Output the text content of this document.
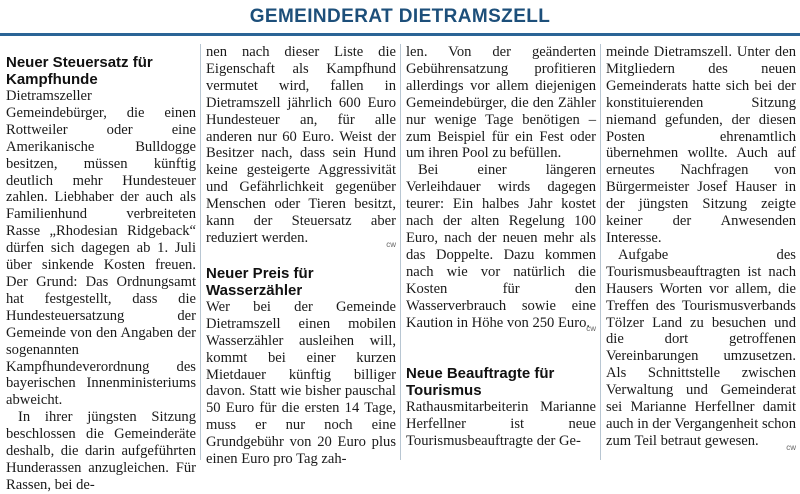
GEMEINDERAT DIETRAMSZELL
Neuer Steuersatz für Kampfhunde

Dietramszeller Gemeindebürger, die einen Rottweiler oder eine Amerikanische Bulldogge besitzen, müssen künftig deutlich mehr Hundesteuer zahlen. Liebhaber der auch als Familienhund verbreiteten Rasse „Rhodesian Ridgeback“ dürfen sich dagegen ab 1. Juli über sinkende Kosten freuen. Der Grund: Das Ordnungsamt hat festgestellt, dass die Hundesteuersatzung der Gemeinde von den Angaben der sogenannten Kampfhundeverordnung des bayerischen Innenministeriums abweicht.

In ihrer jüngsten Sitzung beschlossen die Gemeinderäte deshalb, die darin aufgeführten Hunderassen anzugleichen. Für Rassen, bei de-

nen nach dieser Liste die Eigenschaft als Kampfhund vermutet wird, fallen in Dietramszell jährlich 600 Euro Hundesteuer an, für alle anderen nur 60 Euro. Weist der Besitzer nach, dass sein Hund keine gesteigerte Aggressivität und Gefährlichkeit gegenüber Menschen oder Tieren besitzt, kann der Steuersatz aber reduziert werden.	cw
Neuer Preis für Wasserzähler

Wer bei der Gemeinde Dietramszell einen mobilen Wasserzähler ausleihen will, kommt bei einer kurzen Mietdauer künftig billiger davon. Statt wie bisher pauschal 50 Euro für die ersten 14 Tage, muss er nur noch eine Grundgebühr von 20 Euro plus einen Euro pro Tag zah-

len. Von der geänderten Gebührensatzung profitieren allerdings vor allem diejenigen Gemeindebürger, die den Zähler nur wenige Tage benötigen – zum Beispiel für ein Fest oder um ihren Pool zu befüllen.

Bei einer längeren Verleihdauer wirds dagegen teurer: Ein halbes Jahr kostet nach der alten Regelung 100 Euro, nach der neuen mehr als das Doppelte. Dazu kommen nach wie vor natürlich die Kosten für den Wasserverbrauch sowie eine Kaution in Höhe von 250 Euro.

cw
Neue Beauftragte für Tourismus

Rathausmitarbeiterin Marianne Herfellner ist neue Tourismusbeauftragte der Ge-

meinde Dietramszell. Unter den Mitgliedern des neuen Gemeinderats hatte sich bei der konstituierenden Sitzung niemand gefunden, der diesen Posten ehrenamtlich übernehmen wollte. Auch auf erneutes Nachfragen von Bürgermeister Josef Hauser in der jüngsten Sitzung zeigte keiner der Anwesenden Interesse.

Aufgabe des Tourismusbeauftragten ist nach Hausers Worten vor allem, die Treffen des Tourismusverbands Tölzer Land zu besuchen und die dort getroffenen Vereinbarungen umzusetzen. Als Schnittstelle zwischen Verwaltung und Gemeinderat sei Marianne Herfellner damit auch in der Vergangenheit schon zum Teil betraut gewesen.	cw
